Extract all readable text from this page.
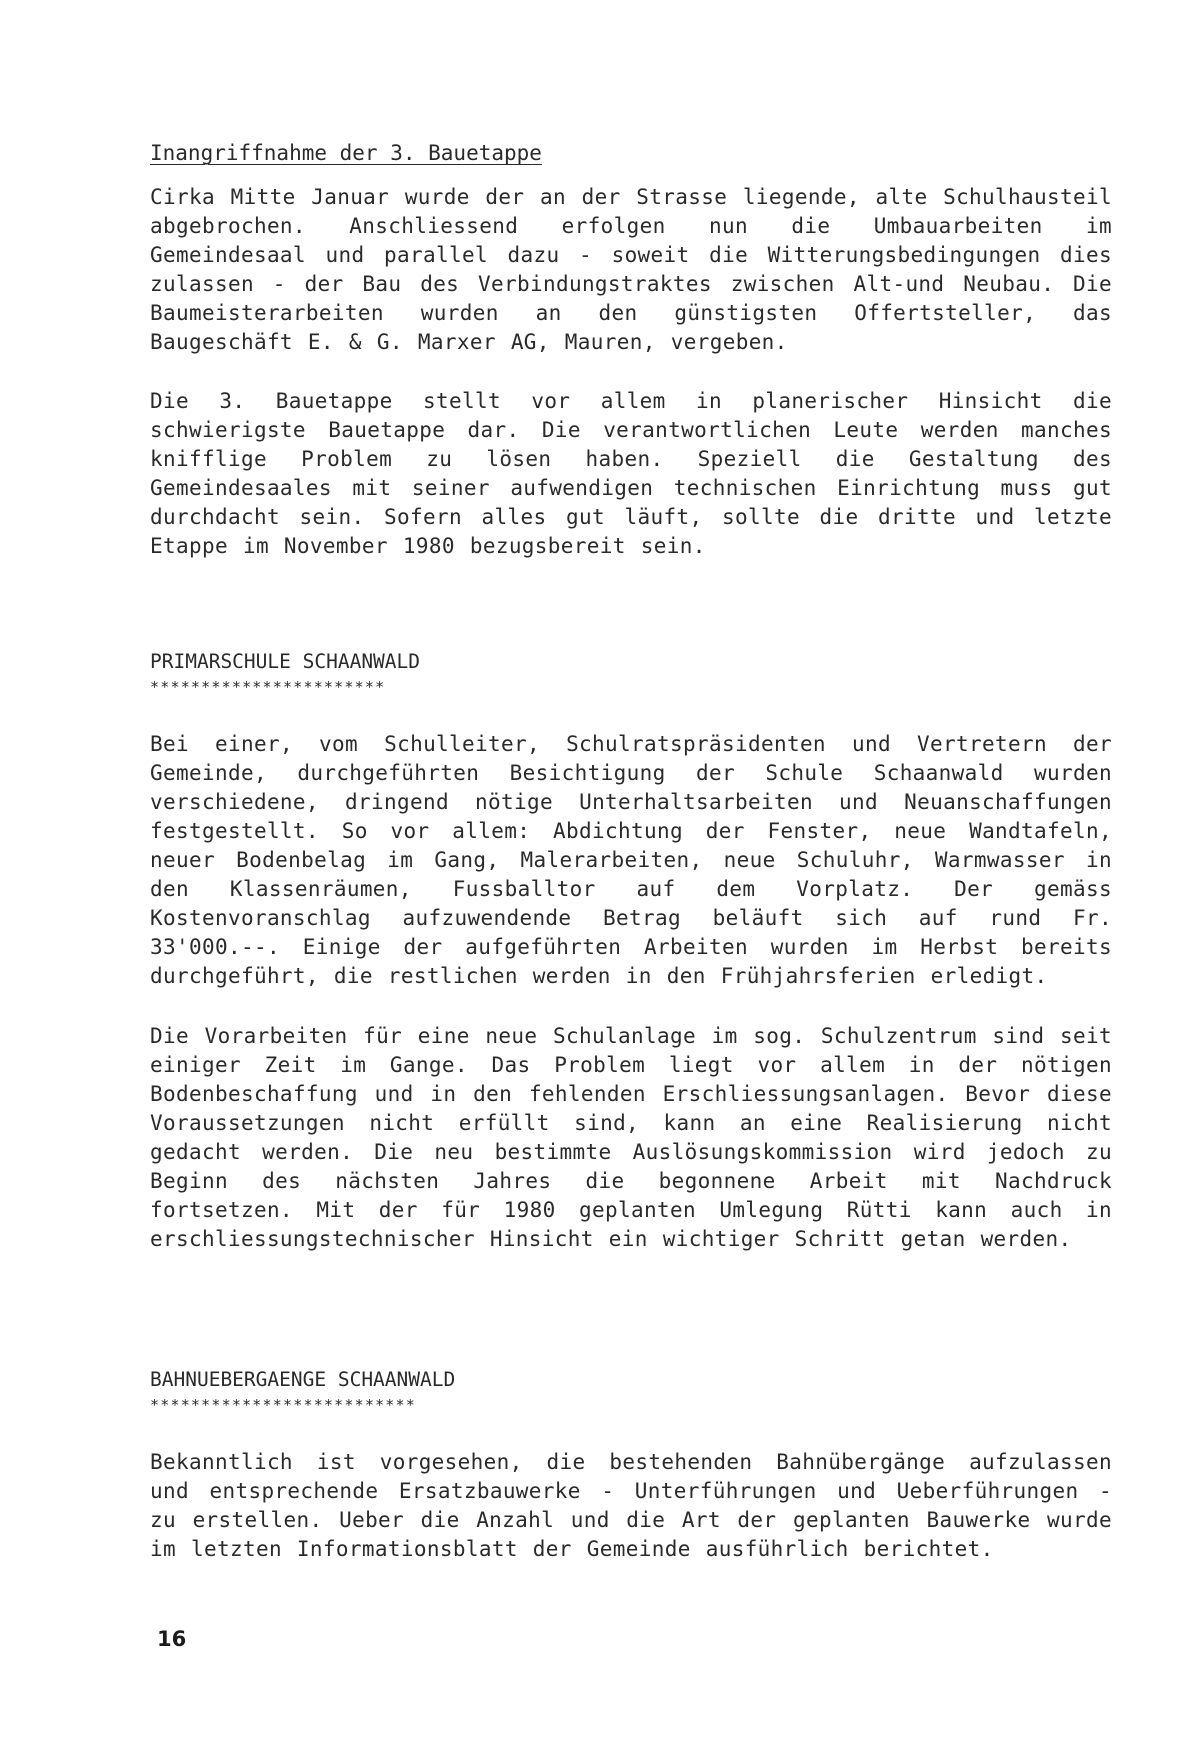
Inangriffnahme der 3. Bauetappe

Cirka Mitte Januar wurde der an der Strasse liegende, alte Schulhausteil abgebrochen. Anschliessend erfolgen nun die Umbauarbeiten im Gemeindesaal und parallel dazu - soweit die Witterungsbedingungen dies zulassen - der Bau des Verbindungstraktes zwischen Alt-und Neubau. Die Baumeisterarbeiten wurden an den günstigsten Offertsteller, das Baugeschäft E. & G. Marxer AG, Mauren, vergeben.

Die 3. Bauetappe stellt vor allem in planerischer Hinsicht die schwierigste Bauetappe dar. Die verantwortlichen Leute werden manches knifflige Problem zu lösen haben. Speziell die Gestaltung des Gemeindesaales mit seiner aufwendigen technischen Einrichtung muss gut durchdacht sein. Sofern alles gut läuft, sollte die dritte und letzte Etappe im November 1980 bezugsbereit sein.

PRIMARSCHULE SCHAANWALD
***********************

Bei einer, vom Schulleiter, Schulratspräsidenten und Vertretern der Gemeinde, durchgeführten Besichtigung der Schule Schaanwald wurden verschiedene, dringend nötige Unterhaltsarbeiten und Neuanschaffungen festgestellt. So vor allem: Abdichtung der Fenster, neue Wandtafeln, neuer Bodenbelag im Gang, Malerarbeiten, neue Schuluhr, Warmwasser in den Klassenräumen, Fussballtor auf dem Vorplatz. Der gemäss Kostenvoranschlag aufzuwendende Betrag beläuft sich auf rund Fr. 33'000.--. Einige der aufgeführten Arbeiten wurden im Herbst bereits durchgeführt, die restlichen werden in den Frühjahrsferien erledigt.

Die Vorarbeiten für eine neue Schulanlage im sog. Schulzentrum sind seit einiger Zeit im Gange. Das Problem liegt vor allem in der nötigen Bodenbeschaffung und in den fehlenden Erschliessungsanlagen. Bevor diese Voraussetzungen nicht erfüllt sind, kann an eine Realisierung nicht gedacht werden. Die neu bestimmte Auslösungskommission wird jedoch zu Beginn des nächsten Jahres die begonnene Arbeit mit Nachdruck fortsetzen. Mit der für 1980 geplanten Umlegung Rütti kann auch in erschliessungstechnischer Hinsicht ein wichtiger Schritt getan werden.

BAHNUEBERGAENGE SCHAANWALD
**************************

Bekanntlich ist vorgesehen, die bestehenden Bahnübergänge aufzulassen und entsprechende Ersatzbauwerke - Unterführungen und Ueberführungen - zu erstellen. Ueber die Anzahl und die Art der geplanten Bauwerke wurde im letzten Informationsblatt der Gemeinde ausführlich berichtet.

16
